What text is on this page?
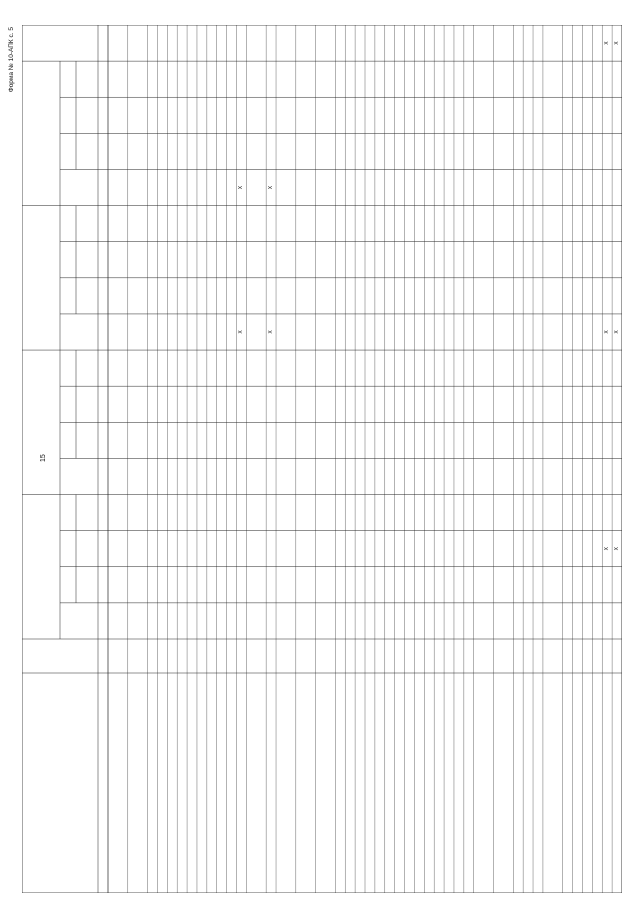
15
Форма № 10-АПК с. 5
Х
Х
Х
Х
Х
Х
Х
Х
Х
Х
